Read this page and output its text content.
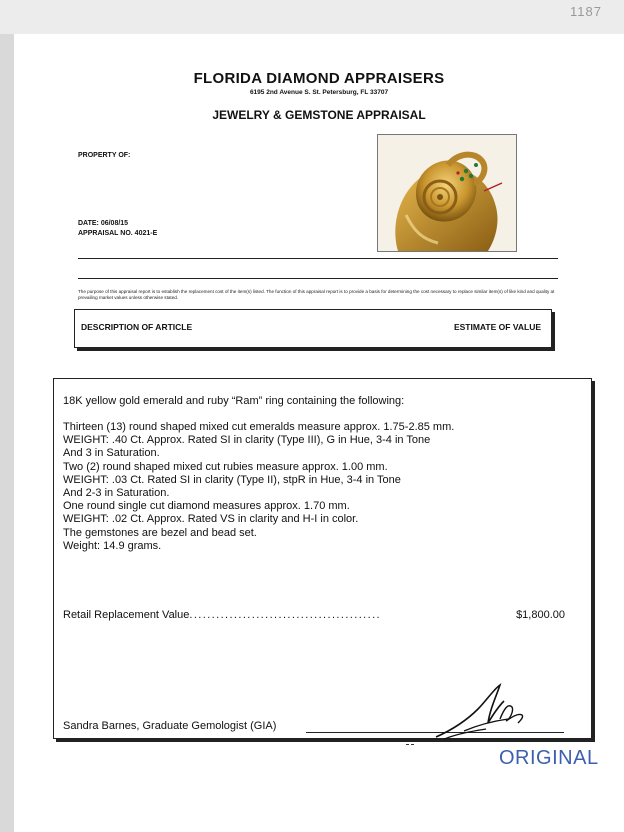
1187
FLORIDA DIAMOND APPRAISERS
6195 2nd Avenue S. St. Petersburg, FL 33707
JEWELRY & GEMSTONE APPRAISAL
PROPERTY OF:
DATE: 06/08/15
APPRAISAL NO. 4021-E
The purpose of this appraisal report is to establish the replacement cost of the item(s) listed. The function of this appraisal report is to provide a basis for determining the cost necessary to replace similar item(s) of like kind and quality at prevailing market values unless otherwise stated.
DESCRIPTION OF ARTICLE	ESTIMATE OF VALUE
18K yellow gold emerald and ruby “Ram” ring containing the following:
Thirteen (13) round shaped mixed cut emeralds measure approx. 1.75-2.85 mm.
WEIGHT: .40 Ct. Approx. Rated SI in clarity (Type III), G in Hue, 3-4 in Tone
And 3 in Saturation.
Two (2) round shaped mixed cut rubies measure approx. 1.00 mm.
WEIGHT: .03 Ct. Rated SI in clarity (Type II), stpR in Hue, 3-4 in Tone
And 2-3 in Saturation.
One round single cut diamond measures approx. 1.70 mm.
WEIGHT: .02 Ct. Approx. Rated VS in clarity and H-I in color.
The gemstones are bezel and bead set.
Weight: 14.9 grams.
Retail Replacement Value...........................................	$1,800.00
Sandra Barnes, Graduate Gemologist (GIA)
ORIGINAL
